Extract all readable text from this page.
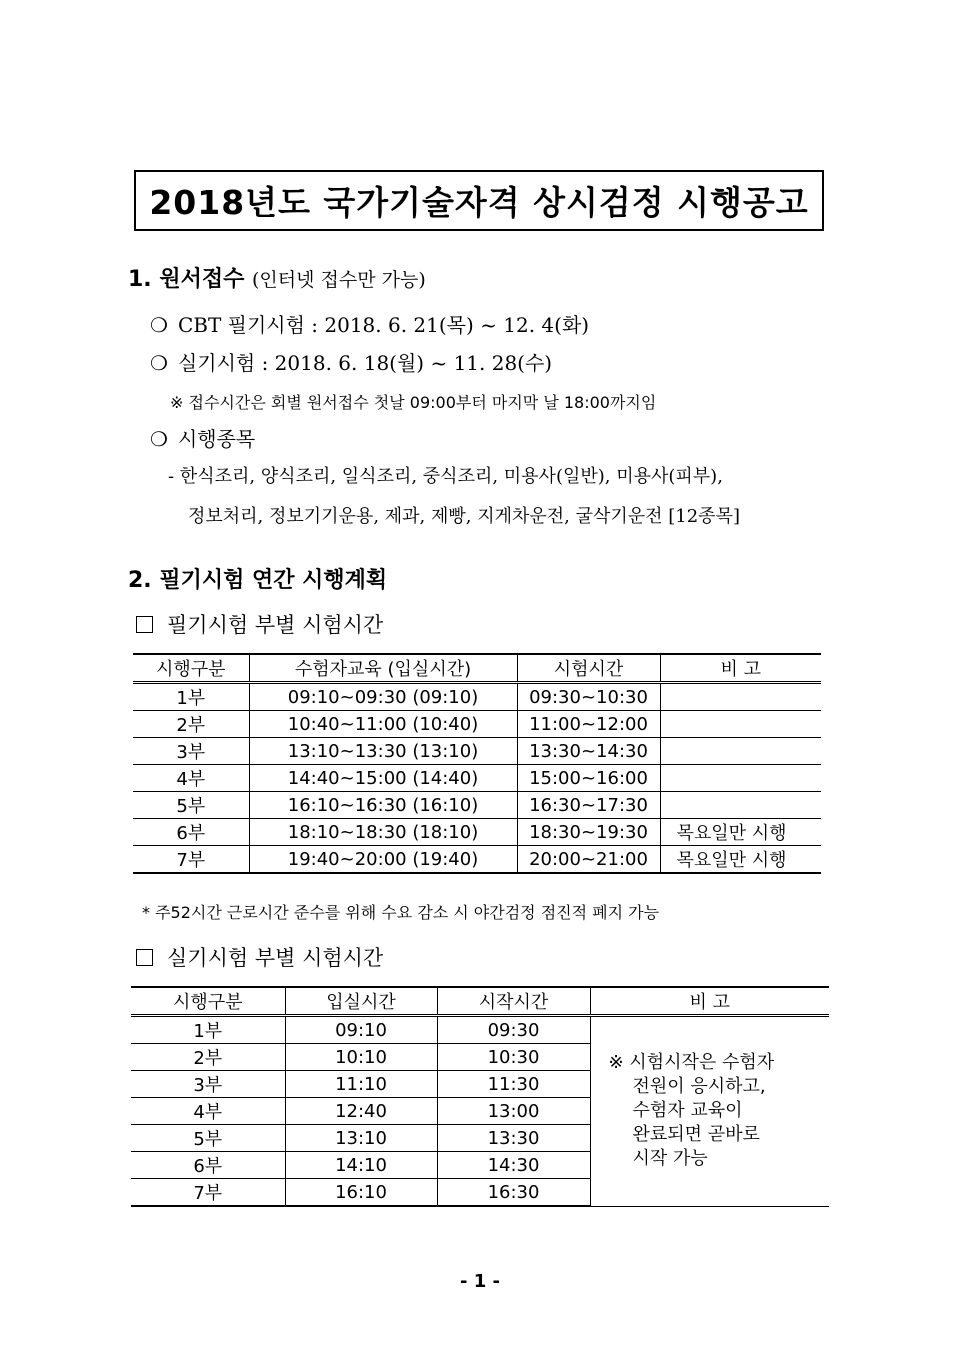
2018년도 국가기술자격 상시검정 시행공고
1. 원서접수 (인터넷 접수만 가능)
❍ CBT 필기시험 : 2018. 6. 21(목) ~ 12. 4(화)
❍ 실기시험 : 2018. 6. 18(월) ~ 11. 28(수)
※ 접수시간은 회별 원서접수 첫날 09:00부터 마지막 날 18:00까지임
❍ 시행종목
- 한식조리, 양식조리, 일식조리, 중식조리, 미용사(일반), 미용사(피부),
정보처리, 정보기기운용, 제과, 제빵, 지게차운전, 굴삭기운전 [12종목]
2. 필기시험 연간 시행계획
필기시험 부별 시험시간
시행구분	수험자교육 (입실시간)	시험시간	비 고
1부	09:10~09:30 (09:10)	09:30~10:30	
2부	10:40~11:00 (10:40)	11:00~12:00	
3부	13:10~13:30 (13:10)	13:30~14:30	
4부	14:40~15:00 (14:40)	15:00~16:00	
5부	16:10~16:30 (16:10)	16:30~17:30	
6부	18:10~18:30 (18:10)	18:30~19:30	목요일만 시행
7부	19:40~20:00 (19:40)	20:00~21:00	목요일만 시행
* 주52시간 근로시간 준수를 위해 수요 감소 시 야간검정 점진적 폐지 가능
실기시험 부별 시험시간
시행구분	입실시간	시작시간	비 고
1부	09:10	09:30	※ 시험시작은 수험자
전원이 응시하고,
수험자 교육이
완료되면 곧바로
시작 가능

2부	10:10	10:30	
3부	11:10	11:30	
4부	12:40	13:00	
5부	13:10	13:30	
6부	14:10	14:30	
7부	16:10	16:30	
- 1 -
